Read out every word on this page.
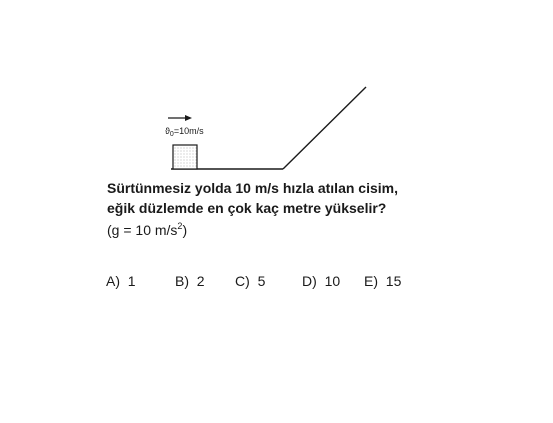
$ϑ_0=10m/s$
Sürtünmesiz yolda 10 m/s hızla atılan cisim,
eğik düzlemde en çok kaç metre yükselir?
(g = 10 $m/s^2$)
A) 1	B) 2 C) 5	D) 10 E) 15
